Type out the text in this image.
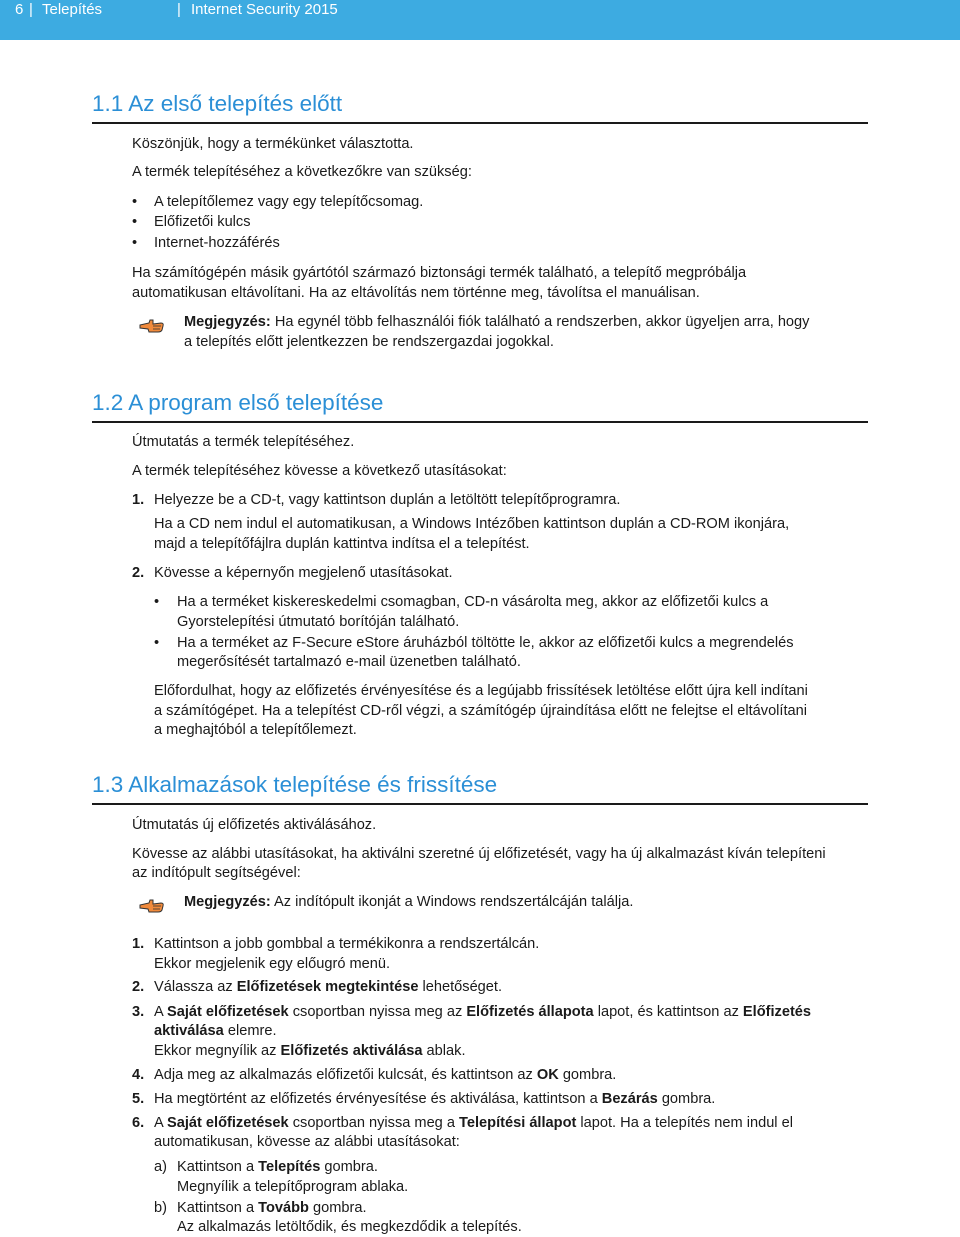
6 | Telepítés	| Internet Security 2015
1.1 Az első telepítés előtt
Köszönjük, hogy a termékünket választotta.
A termék telepítéséhez a következőkre van szükség:
• A telepítőlemez vagy egy telepítőcsomag.
• Előfizetői kulcs
• Internet-hozzáférés
Ha számítógépén másik gyártótól származó biztonsági termék található, a telepítő megpróbálja
automatikusan eltávolítani. Ha az eltávolítás nem történne meg, távolítsa el manuálisan.
Megjegyzés: Ha egynél több felhasználói fiók található a rendszerben, akkor ügyeljen arra, hogy
a telepítés előtt jelentkezzen be rendszergazdai jogokkal.
1.2 A program első telepítése
Útmutatás a termék telepítéséhez.
A termék telepítéséhez kövesse a következő utasításokat:
1. Helyezze be a CD-t, vagy kattintson duplán a letöltött telepítőprogramra.
Ha a CD nem indul el automatikusan, a Windows Intézőben kattintson duplán a CD-ROM ikonjára,
majd a telepítőfájlra duplán kattintva indítsa el a telepítést.
2. Kövesse a képernyőn megjelenő utasításokat.
• Ha a terméket kiskereskedelmi csomagban, CD-n vásárolta meg, akkor az előfizetői kulcs a
Gyorstelepítési útmutató borítóján található.
• Ha a terméket az F-Secure eStore áruházból töltötte le, akkor az előfizetői kulcs a megrendelés
megerősítését tartalmazó e-mail üzenetben található.
Előfordulhat, hogy az előfizetés érvényesítése és a legújabb frissítések letöltése előtt újra kell indítani
a számítógépet. Ha a telepítést CD-ről végzi, a számítógép újraindítása előtt ne felejtse el eltávolítani
a meghajtóból a telepítőlemezt.
1.3 Alkalmazások telepítése és frissítése
Útmutatás új előfizetés aktiválásához.
Kövesse az alábbi utasításokat, ha aktiválni szeretné új előfizetését, vagy ha új alkalmazást kíván telepíteni
az indítópult segítségével:
Megjegyzés: Az indítópult ikonját a Windows rendszertálcáján találja.
1. Kattintson a jobb gombbal a termékikonra a rendszertálcán.
Ekkor megjelenik egy előugró menü.
2. Válassza az Előfizetések megtekintése lehetőséget.
3. A Saját előfizetések csoportban nyissa meg az Előfizetés állapota lapot, és kattintson az Előfizetés
aktiválása elemre.
Ekkor megnyílik az Előfizetés aktiválása ablak.
4. Adja meg az alkalmazás előfizetői kulcsát, és kattintson az OK gombra.
5. Ha megtörtént az előfizetés érvényesítése és aktiválása, kattintson a Bezárás gombra.
6. A Saját előfizetések csoportban nyissa meg a Telepítési állapot lapot. Ha a telepítés nem indul el
automatikusan, kövesse az alábbi utasításokat:
a) Kattintson a Telepítés gombra.
Megnyílik a telepítőprogram ablaka.
b) Kattintson a Tovább gombra.
Az alkalmazás letöltődik, és megkezdődik a telepítés.
